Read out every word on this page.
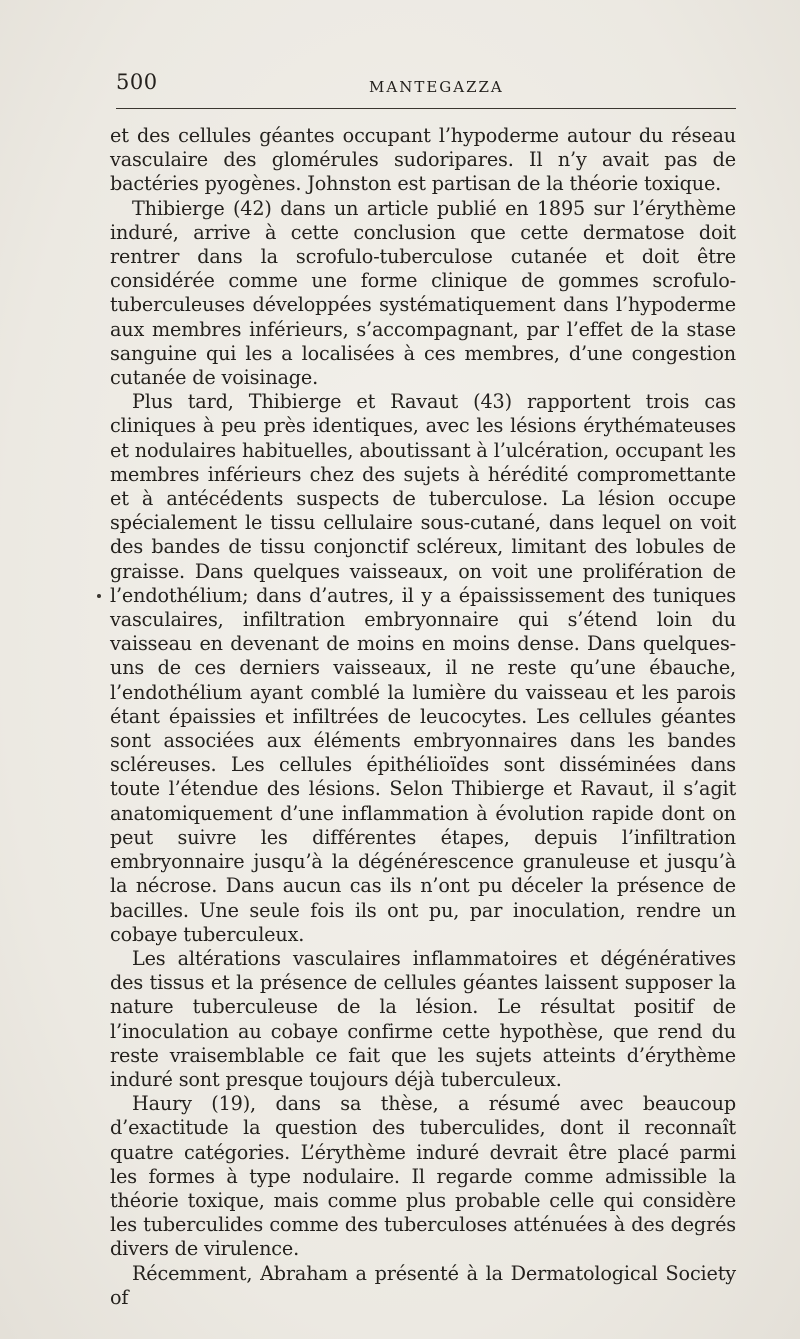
500	MANTEGAZZA

et des cellules géantes occupant l’hypoderme autour du réseau vasculaire des glomérules sudoripares. Il n’y avait pas de bactéries pyogènes. Johnston est partisan de la théorie toxique.

Thibierge (42) dans un article publié en 1895 sur l’érythème induré, arrive à cette conclusion que cette dermatose doit rentrer dans la scrofulo-tuberculose cutanée et doit être considérée comme une forme clinique de gommes scrofulo-tuberculeuses développées systématiquement dans l’hypoderme aux membres inférieurs, s’accompagnant, par l’effet de la stase sanguine qui les a localisées à ces membres, d’une congestion cutanée de voisinage.

Plus tard, Thibierge et Ravaut (43) rapportent trois cas cliniques à peu près identiques, avec les lésions érythémateuses et nodulaires habituelles, aboutissant à l’ulcération, occupant les membres inférieurs chez des sujets à hérédité compromettante et à antécédents suspects de tuberculose. La lésion occupe spécialement le tissu cellulaire sous-cutané, dans lequel on voit des bandes de tissu conjonctif scléreux, limitant des lobules de graisse. Dans quelques vaisseaux, on voit une prolifération de l’endothélium; dans d’autres, il y a épaississement des tuniques vasculaires, infiltration embryonnaire qui s’étend loin du vaisseau en devenant de moins en moins dense. Dans quelques-uns de ces derniers vaisseaux, il ne reste qu’une ébauche, l’endothélium ayant comblé la lumière du vaisseau et les parois étant épaissies et infiltrées de leucocytes. Les cellules géantes sont associées aux éléments embryonnaires dans les bandes scléreuses. Les cellules épithélioïdes sont disséminées dans toute l’étendue des lésions. Selon Thibierge et Ravaut, il s’agit anatomiquement d’une inflammation à évolution rapide dont on peut suivre les différentes étapes, depuis l’infiltration embryonnaire jusqu’à la dégénérescence granuleuse et jusqu’à la nécrose. Dans aucun cas ils n’ont pu déceler la présence de bacilles. Une seule fois ils ont pu, par inoculation, rendre un cobaye tuberculeux.

Les altérations vasculaires inflammatoires et dégénératives des tissus et la présence de cellules géantes laissent supposer la nature tuberculeuse de la lésion. Le résultat positif de l’inoculation au cobaye confirme cette hypothèse, que rend du reste vraisemblable ce fait que les sujets atteints d’érythème induré sont presque toujours déjà tuberculeux.

Haury (19), dans sa thèse, a résumé avec beaucoup d’exactitude la question des tuberculides, dont il reconnaît quatre catégories. L’érythème induré devrait être placé parmi les formes à type nodulaire. Il regarde comme admissible la théorie toxique, mais comme plus probable celle qui considère les tuberculides comme des tuberculoses atténuées à des degrés divers de virulence.

Récemment, Abraham a présenté à la Dermatological Society of
